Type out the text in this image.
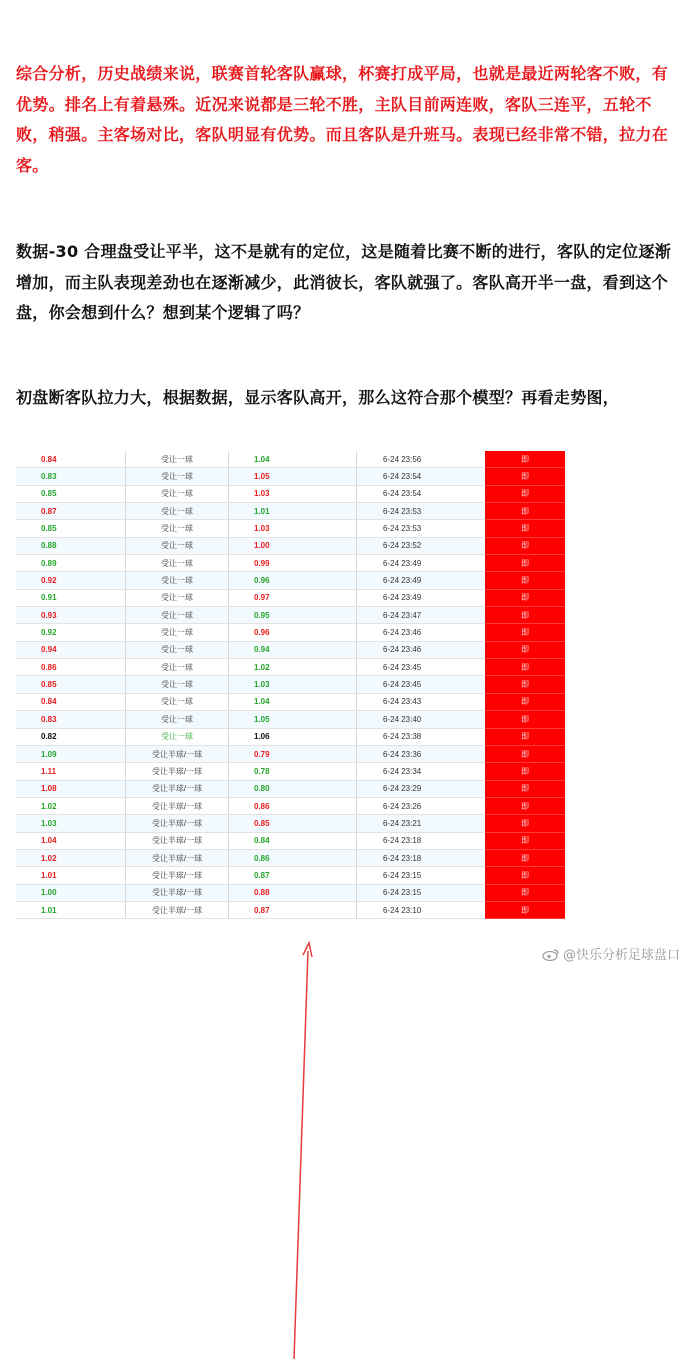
综合分析，历史战绩来说，联赛首轮客队赢球，杯赛打成平局，也就是最近两轮客不败，有优势。排名上有着悬殊。近况来说都是三轮不胜，主队目前两连败，客队三连平，五轮不败，稍强。主客场对比，客队明显有优势。而且客队是升班马。表现已经非常不错，拉力在客。

数据-30 合理盘受让平半，这不是就有的定位，这是随着比赛不断的进行，客队的定位逐渐增加，而主队表现差劲也在逐渐减少，此消彼长，客队就强了。客队高开半一盘，看到这个盘，你会想到什么？想到某个逻辑了吗？

初盘断客队拉力大，根据数据，显示客队高开，那么这符合那个模型？再看走势图，

0.84	受让一球	1.04	6-24 23:56	即
0.83	受让一球	1.05	6-24 23:54	即
0.85	受让一球	1.03	6-24 23:54	即
0.87	受让一球	1.01	6-24 23:53	即
0.85	受让一球	1.03	6-24 23:53	即
0.88	受让一球	1.00	6-24 23:52	即
0.89	受让一球	0.99	6-24 23:49	即
0.92	受让一球	0.96	6-24 23:49	即
0.91	受让一球	0.97	6-24 23:49	即
0.93	受让一球	0.95	6-24 23:47	即
0.92	受让一球	0.96	6-24 23:46	即
0.94	受让一球	0.94	6-24 23:46	即
0.86	受让一球	1.02	6-24 23:45	即
0.85	受让一球	1.03	6-24 23:45	即
0.84	受让一球	1.04	6-24 23:43	即
0.83	受让一球	1.05	6-24 23:40	即
0.82	受让一球	1.06	6-24 23:38	即
1.09	受让半球/一球	0.79	6-24 23:36	即
1.11	受让半球/一球	0.78	6-24 23:34	即
1.08	受让半球/一球	0.80	6-24 23:29	即
1.02	受让半球/一球	0.86	6-24 23:26	即
1.03	受让半球/一球	0.85	6-24 23:21	即
1.04	受让半球/一球	0.84	6-24 23:18	即
1.02	受让半球/一球	0.86	6-24 23:18	即
1.01	受让半球/一球	0.87	6-24 23:15	即
1.00	受让半球/一球	0.88	6-24 23:15	即
1.01	受让半球/一球	0.87	6-24 23:10	即
@快乐分析足球盘口
